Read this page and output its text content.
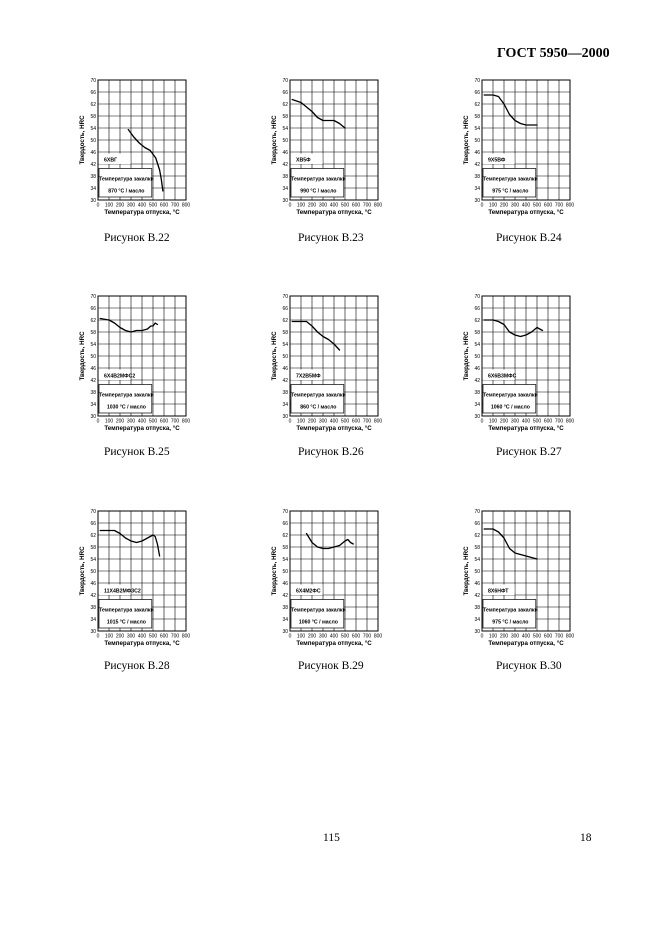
ГОСТ 5950—2000
6ХВГ
Температура закалки
870 °С / масло
70
66
62
58
54
50
46
42
38
34
30
0 100 200 300 400 500 600 700 800
Температура отпуска, °С
Твердость, HRC	ХВ5Ф
Температура закалки
990 °С / масло
70
66
62
58
54
50
46
42
38
34
30
0 100 200 300 400 500 600 700 800
Температура отпуска, °С
Твердость, HRC	9Х5ВФ
Температура закалки
975 °С / масло
70
66
62
58
54
50
46
42
38
34
30
0 100 200 300 400 500 600 700 800
Температура отпуска, °С
Твердость, HRC
Рисунок В.22	Рисунок В.23	Рисунок В.24
6Х4В2МФС2
Температура закалки
1030 °С / масло
70
66
62
58
54
50
46
42
38
34
30
0 100 200 300 400 500 600 700 800
Температура отпуска, °С
Твердость, HRC	7Х2В5МФ
Температура закалки
860 °С / масло
70
66
62
58
54
50
46
42
38
34
30
0 100 200 300 400 500 600 700 800
Температура отпуска, °С
Твердость, HRC	6Х6В3МФС
Температура закалки
1060 °С / масло
70
66
62
58
54
50
46
42
38
34
30
0 100 200 300 400 500 600 700 800
Температура отпуска, °С
Твердость, HRC
Рисунок В.25	Рисунок В.26	Рисунок В.27
11Х4В2МФ3С2
Температура закалки
1015 °С / масло
70
66
62
58
54
50
46
42
38
34
30
0 100 200 300 400 500 600 700 800
Температура отпуска, °С
Твердость, HRC	6Х4М2ФС
Температура закалки
1060 °С / масло
70
66
62
58
54
50
46
42
38
34
30
0 100 200 300 400 500 600 700 800
Температура отпуска, °С
Твердость, HRC	8Х6НФТ
Температура закалки
975 °С / масло
70
66
62
58
54
50
46
42
38
34
30
0 100 200 300 400 500 600 700 800
Температура отпуска, °С
Твердость, HRC
Рисунок В.28	Рисунок В.29	Рисунок В.30
115	18
